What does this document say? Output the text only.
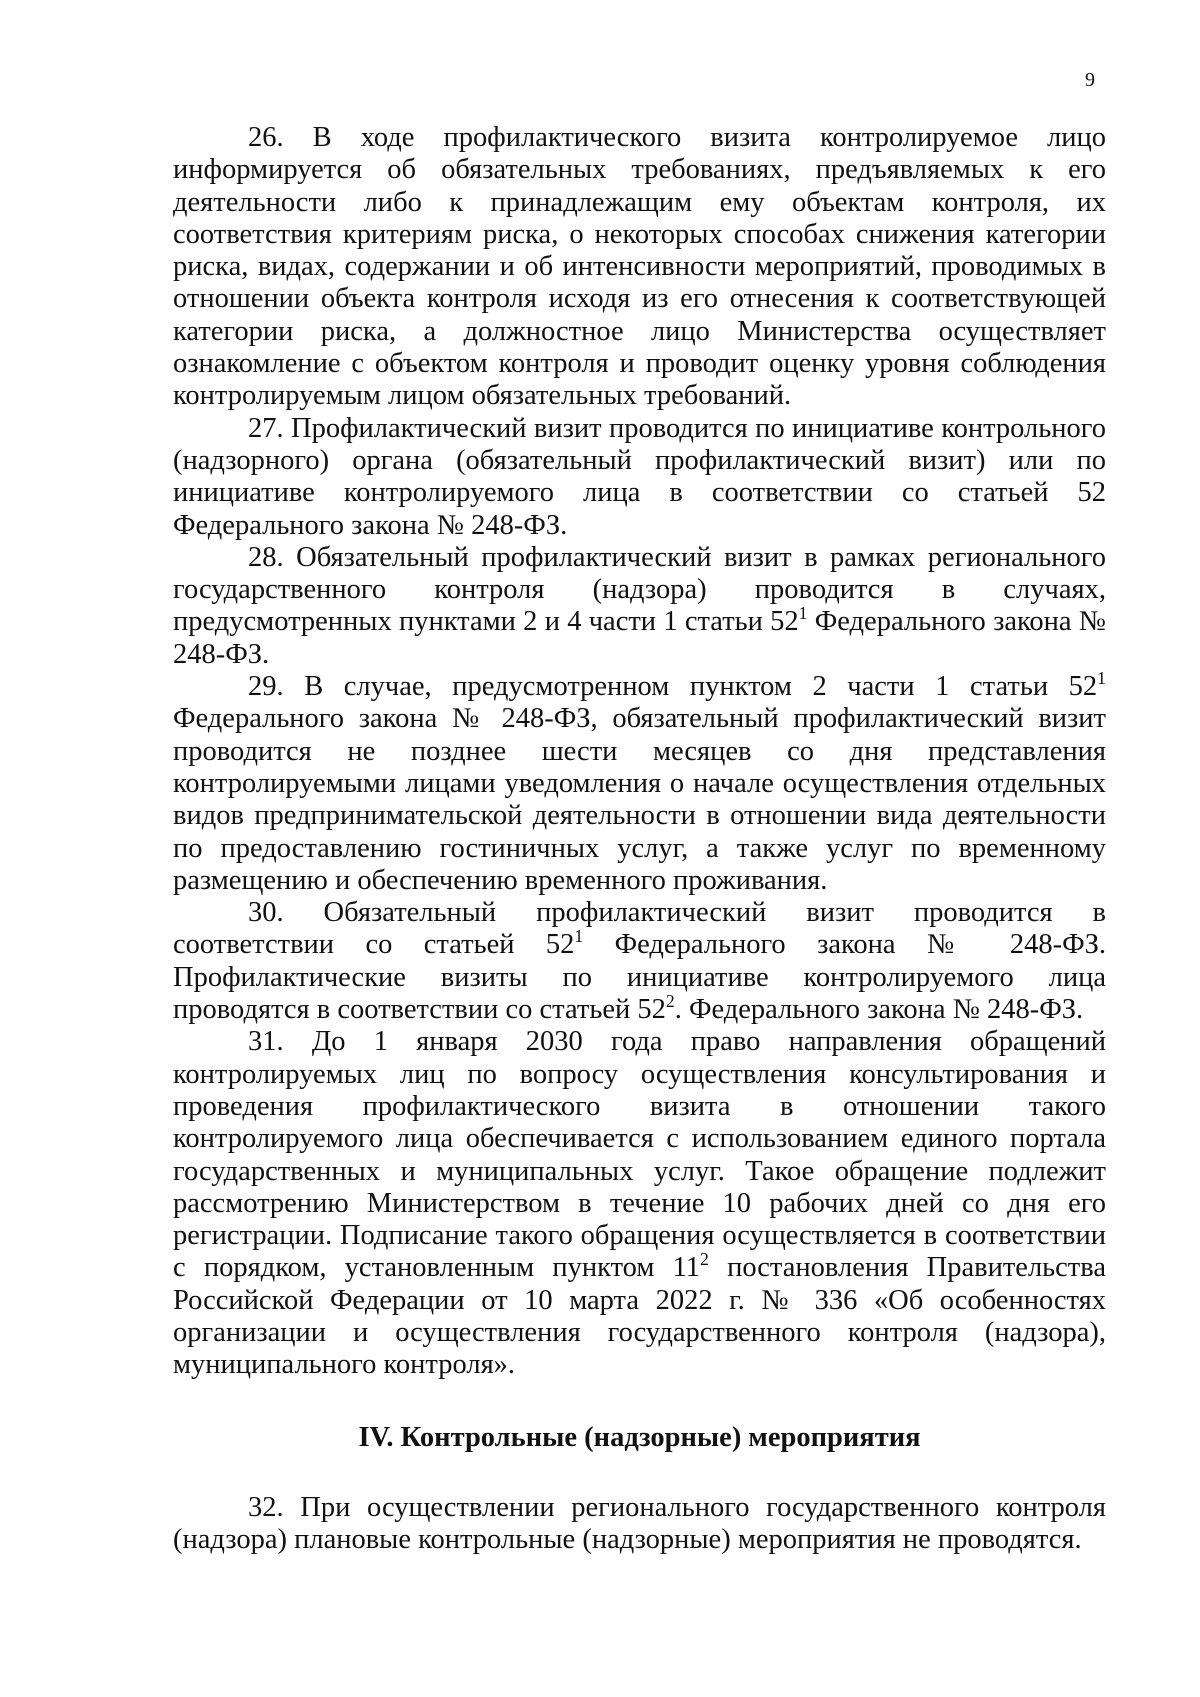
9

26. В ходе профилактического визита контролируемое лицо информируется об обязательных требованиях, предъявляемых к его деятельности либо к принадлежащим ему объектам контроля, их соответствия критериям риска, о некоторых способах снижения категории риска, видах, содержании и об интенсивности мероприятий, проводимых в отношении объекта контроля исходя из его отнесения к соответствующей категории риска, а должностное лицо Министерства осуществляет ознакомление с объектом контроля и проводит оценку уровня соблюдения контролируемым лицом обязательных требований.

27. Профилактический визит проводится по инициативе контрольного (надзорного) органа (обязательный профилактический визит) или по инициативе контролируемого лица в соответствии со статьей 52 Федерального закона № 248-ФЗ.

28. Обязательный профилактический визит в рамках регионального государственного контроля (надзора) проводится в случаях, предусмотренных пунктами 2 и 4 части 1 статьи $52^1$ Федерального закона № 248-ФЗ.

29. В случае, предусмотренном пунктом 2 части 1 статьи $52^1$ Федерального закона № 248-ФЗ, обязательный профилактический визит проводится не позднее шести месяцев со дня представления контролируемыми лицами уведомления о начале осуществления отдельных видов предпринимательской деятельности в отношении вида деятельности по предоставлению гостиничных услуг, а также услуг по временному размещению и обеспечению временного проживания.

30. Обязательный профилактический визит проводится в соответствии со статьей $52^1$ Федерального закона № 248-ФЗ. Профилактические визиты по инициативе контролируемого лица проводятся в соответствии со статьей $52^2$. Федерального закона № 248-ФЗ.

31. До 1 января 2030 года право направления обращений контролируемых лиц по вопросу осуществления консультирования и проведения профилактического визита в отношении такого контролируемого лица обеспечивается с использованием единого портала государственных и муниципальных услуг. Такое обращение подлежит рассмотрению Министерством в течение 10 рабочих дней со дня его регистрации. Подписание такого обращения осуществляется в соответствии с порядком, установленным пунктом $11^2$ постановления Правительства Российской Федерации от 10 марта 2022 г. № 336 «Об особенностях организации и осуществления государственного контроля (надзора), муниципального контроля».

IV. Контрольные (надзорные) мероприятия

32. При осуществлении регионального государственного контроля (надзора) плановые контрольные (надзорные) мероприятия не проводятся.
